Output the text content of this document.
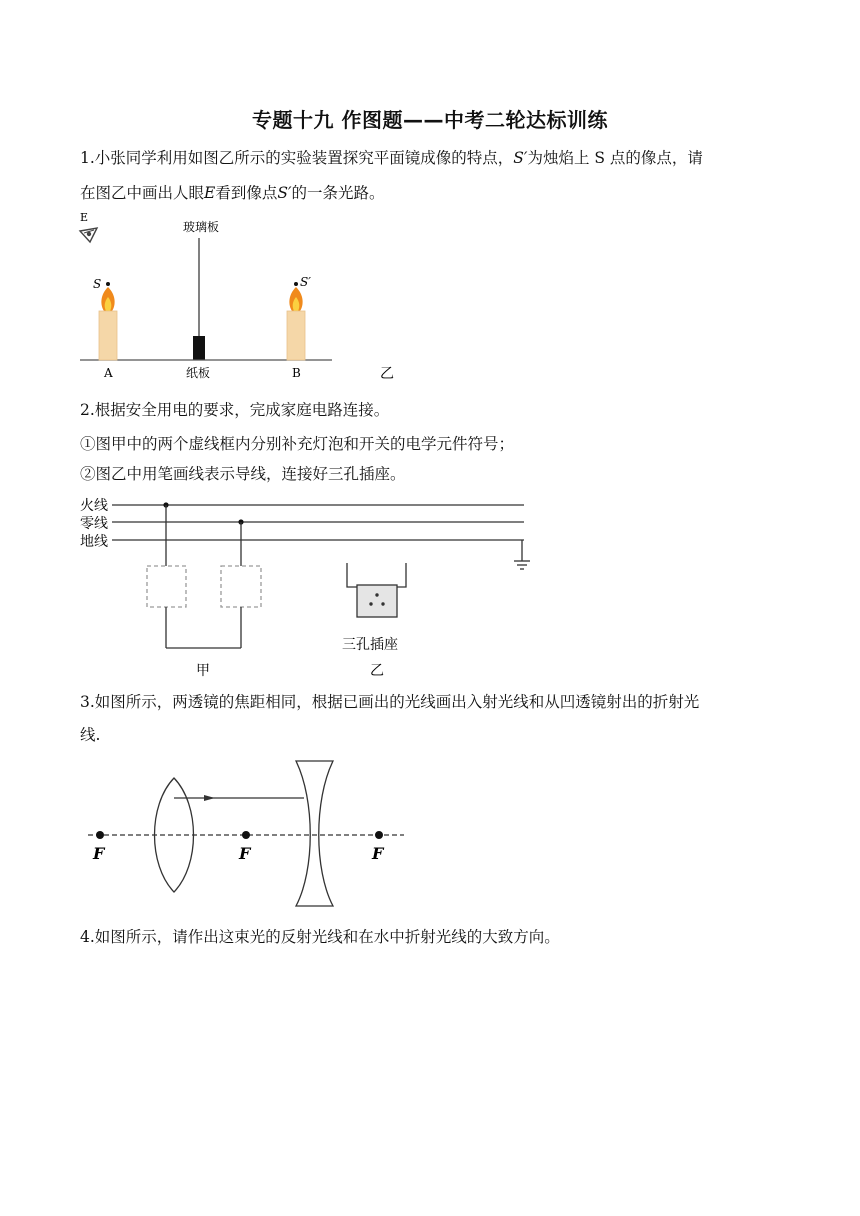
专题十九 作图题——中考二轮达标训练
1.小张同学利用如图乙所示的实验装置探究平面镜成像的特点，S′为烛焰上 S 点的像点，请
在图乙中画出人眼E看到像点S′的一条光路。
E
玻璃板
S	S′
A	纸板	B	乙
2.根据安全用电的要求，完成家庭电路连接。
①图甲中的两个虚线框内分别补充灯泡和开关的电学元件符号；
②图乙中用笔画线表示导线，连接好三孔插座。
火线
零线
地线
甲
三孔插座
乙
3.如图所示，两透镜的焦距相同，根据已画出的光线画出入射光线和从凹透镜射出的折射光
线.
F	F	F
4.如图所示，请作出这束光的反射光线和在水中折射光线的大致方向。
